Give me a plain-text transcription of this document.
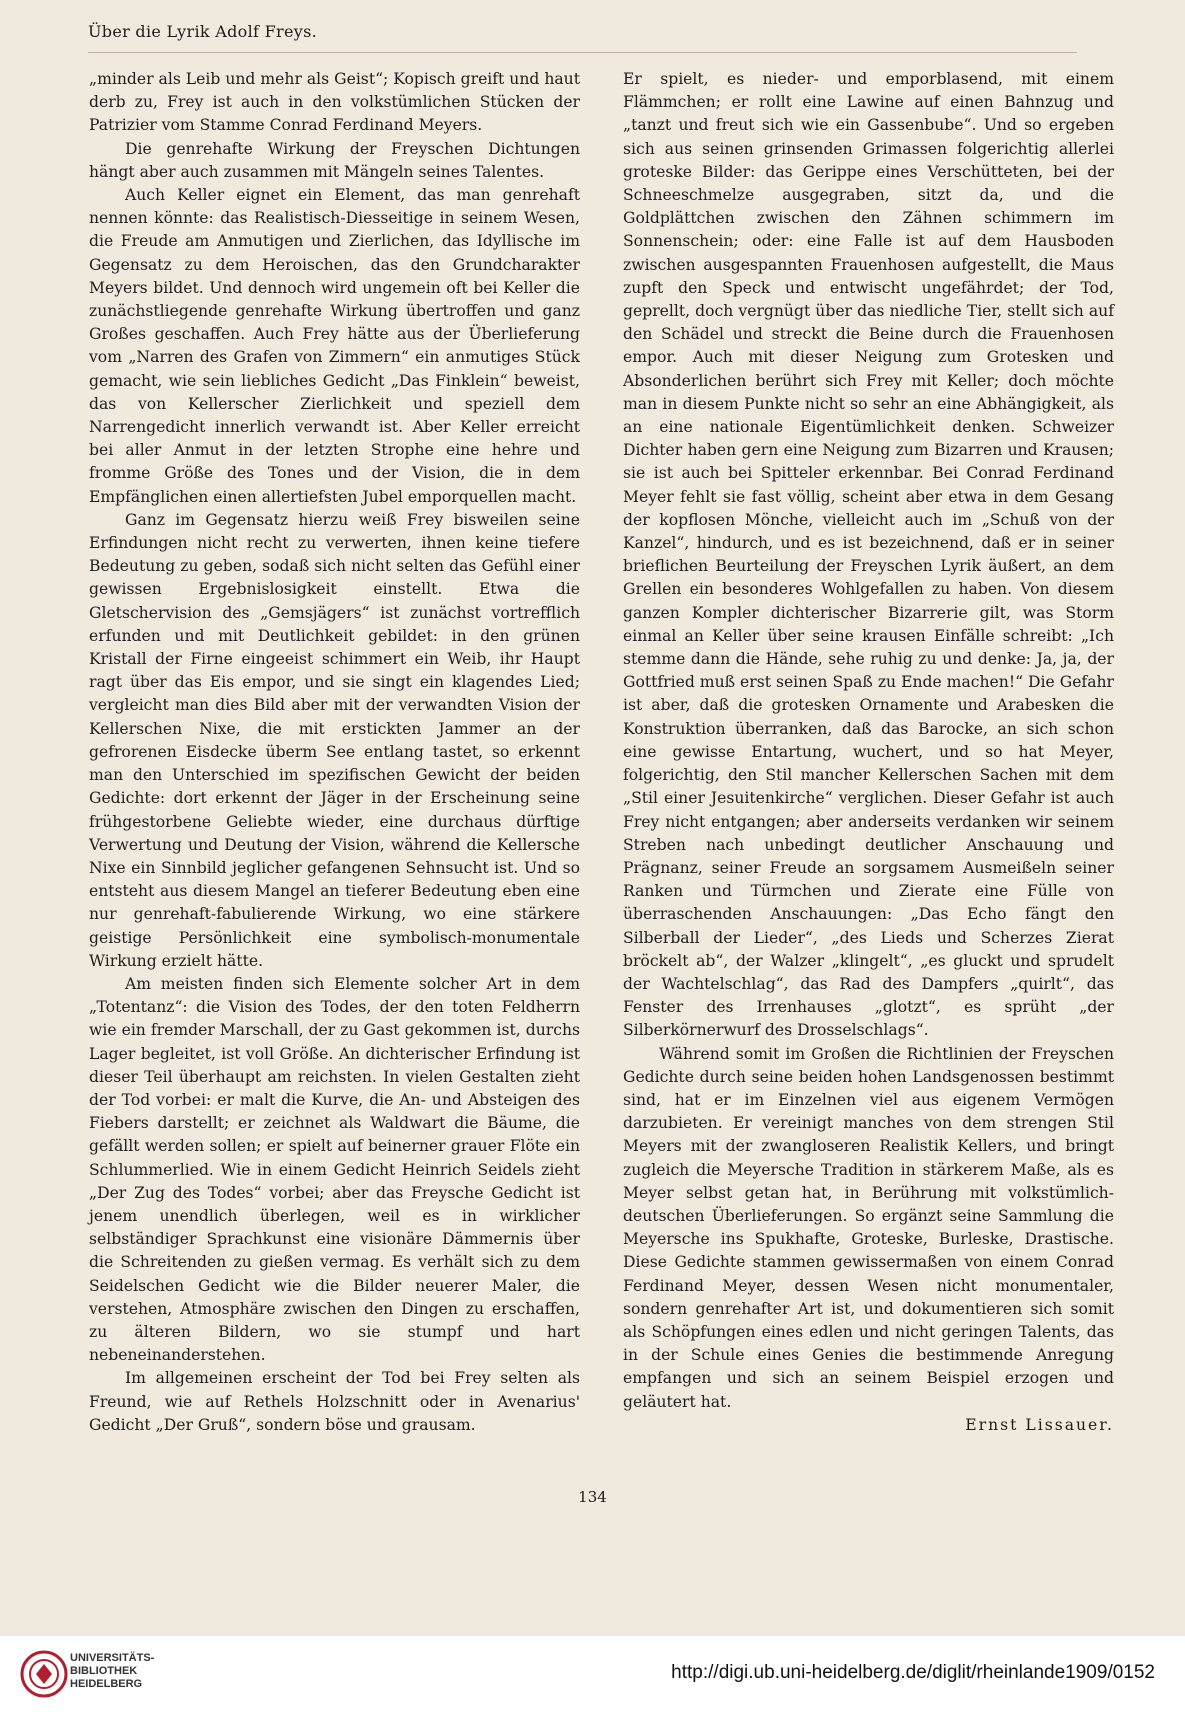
Über die Lyrik Adolf Freys.

„minder als Leib und mehr als Geist“; Kopisch greift und haut derb zu, Frey ist auch in den volkstümlichen Stücken der Patrizier vom Stamme Conrad Ferdinand Meyers.

Die genrehafte Wirkung der Freyschen Dichtungen hängt aber auch zusammen mit Mängeln seines Talentes.

Auch Keller eignet ein Element, das man genrehaft nennen könnte: das Realistisch-Diesseitige in seinem Wesen, die Freude am Anmutigen und Zierlichen, das Idyllische im Gegensatz zu dem Heroischen, das den Grundcharakter Meyers bildet. Und dennoch wird ungemein oft bei Keller die zunächstliegende genrehafte Wirkung übertroffen und ganz Großes geschaffen. Auch Frey hätte aus der Überlieferung vom „Narren des Grafen von Zimmern“ ein anmutiges Stück gemacht, wie sein liebliches Gedicht „Das Finklein“ beweist, das von Kellerscher Zierlichkeit und speziell dem Narrengedicht innerlich verwandt ist. Aber Keller erreicht bei aller Anmut in der letzten Strophe eine hehre und fromme Größe des Tones und der Vision, die in dem Empfänglichen einen allertiefsten Jubel emporquellen macht.

Ganz im Gegensatz hierzu weiß Frey bisweilen seine Erfindungen nicht recht zu verwerten, ihnen keine tiefere Bedeutung zu geben, sodaß sich nicht selten das Gefühl einer gewissen Ergebnislosigkeit einstellt. Etwa die Gletschervision des „Gemsjägers“ ist zunächst vortrefflich erfunden und mit Deutlichkeit gebildet: in den grünen Kristall der Firne eingeeist schimmert ein Weib, ihr Haupt ragt über das Eis empor, und sie singt ein klagendes Lied; vergleicht man dies Bild aber mit der verwandten Vision der Kellerschen Nixe, die mit erstickten Jammer an der gefrorenen Eisdecke überm See entlang tastet, so erkennt man den Unterschied im spezifischen Gewicht der beiden Gedichte: dort erkennt der Jäger in der Erscheinung seine frühgestorbene Geliebte wieder, eine durchaus dürftige Verwertung und Deutung der Vision, während die Kellersche Nixe ein Sinnbild jeglicher gefangenen Sehnsucht ist. Und so entsteht aus diesem Mangel an tieferer Bedeutung eben eine nur genrehaft-fabulierende Wirkung, wo eine stärkere geistige Persönlichkeit eine symbolisch-monumentale Wirkung erzielt hätte.

Am meisten finden sich Elemente solcher Art in dem „Totentanz“: die Vision des Todes, der den toten Feldherrn wie ein fremder Marschall, der zu Gast gekommen ist, durchs Lager begleitet, ist voll Größe. An dichterischer Erfindung ist dieser Teil überhaupt am reichsten. In vielen Gestalten zieht der Tod vorbei: er malt die Kurve, die An- und Absteigen des Fiebers darstellt; er zeichnet als Waldwart die Bäume, die gefällt werden sollen; er spielt auf beinerner grauer Flöte ein Schlummerlied. Wie in einem Gedicht Heinrich Seidels zieht „Der Zug des Todes“ vorbei; aber das Freysche Gedicht ist jenem unendlich überlegen, weil es in wirklicher selbständiger Sprachkunst eine visionäre Dämmernis über die Schreitenden zu gießen vermag. Es verhält sich zu dem Seidelschen Gedicht wie die Bilder neuerer Maler, die verstehen, Atmosphäre zwischen den Dingen zu erschaffen, zu älteren Bildern, wo sie stumpf und hart nebeneinanderstehen.

Im allgemeinen erscheint der Tod bei Frey selten als Freund, wie auf Rethels Holzschnitt oder in Avenarius' Gedicht „Der Gruß“, sondern böse und grausam.

Er spielt, es nieder- und emporblasend, mit einem Flämmchen; er rollt eine Lawine auf einen Bahnzug und „tanzt und freut sich wie ein Gassenbube“. Und so ergeben sich aus seinen grinsenden Grimassen folgerichtig allerlei groteske Bilder: das Gerippe eines Verschütteten, bei der Schneeschmelze ausgegraben, sitzt da, und die Goldplättchen zwischen den Zähnen schimmern im Sonnenschein; oder: eine Falle ist auf dem Hausboden zwischen ausgespannten Frauenhosen aufgestellt, die Maus zupft den Speck und entwischt ungefährdet; der Tod, geprellt, doch vergnügt über das niedliche Tier, stellt sich auf den Schädel und streckt die Beine durch die Frauenhosen empor. Auch mit dieser Neigung zum Grotesken und Absonderlichen berührt sich Frey mit Keller; doch möchte man in diesem Punkte nicht so sehr an eine Abhängigkeit, als an eine nationale Eigentümlichkeit denken. Schweizer Dichter haben gern eine Neigung zum Bizarren und Krausen; sie ist auch bei Spitteler erkennbar. Bei Conrad Ferdinand Meyer fehlt sie fast völlig, scheint aber etwa in dem Gesang der kopflosen Mönche, vielleicht auch im „Schuß von der Kanzel“, hindurch, und es ist bezeichnend, daß er in seiner brieflichen Beurteilung der Freyschen Lyrik äußert, an dem Grellen ein besonderes Wohlgefallen zu haben. Von diesem ganzen Kompler dichterischer Bizarrerie gilt, was Storm einmal an Keller über seine krausen Einfälle schreibt: „Ich stemme dann die Hände, sehe ruhig zu und denke: Ja, ja, der Gottfried muß erst seinen Spaß zu Ende machen!“ Die Gefahr ist aber, daß die grotesken Ornamente und Arabesken die Konstruktion überranken, daß das Barocke, an sich schon eine gewisse Entartung, wuchert, und so hat Meyer, folgerichtig, den Stil mancher Kellerschen Sachen mit dem „Stil einer Jesuitenkirche“ verglichen. Dieser Gefahr ist auch Frey nicht entgangen; aber anderseits verdanken wir seinem Streben nach unbedingt deutlicher Anschauung und Prägnanz, seiner Freude an sorgsamem Ausmeißeln seiner Ranken und Türmchen und Zierate eine Fülle von überraschenden Anschauungen: „Das Echo fängt den Silberball der Lieder“, „des Lieds und Scherzes Zierat bröckelt ab“, der Walzer „klingelt“, „es gluckt und sprudelt der Wachtelschlag“, das Rad des Dampfers „quirlt“, das Fenster des Irrenhauses „glotzt“, es sprüht „der Silberkörnerwurf des Drosselschlags“.

Während somit im Großen die Richtlinien der Freyschen Gedichte durch seine beiden hohen Landsgenossen bestimmt sind, hat er im Einzelnen viel aus eigenem Vermögen darzubieten. Er vereinigt manches von dem strengen Stil Meyers mit der zwangloseren Realistik Kellers, und bringt zugleich die Meyersche Tradition in stärkerem Maße, als es Meyer selbst getan hat, in Berührung mit volkstümlich-deutschen Überlieferungen. So ergänzt seine Sammlung die Meyersche ins Spukhafte, Groteske, Burleske, Drastische. Diese Gedichte stammen gewissermaßen von einem Conrad Ferdinand Meyer, dessen Wesen nicht monumentaler, sondern genrehafter Art ist, und dokumentieren sich somit als Schöpfungen eines edlen und nicht geringen Talents, das in der Schule eines Genies die bestimmende Anregung empfangen und sich an seinem Beispiel erzogen und geläutert hat.

Ernst Lissauer.
134
UNIVERSITÄTS-
BIBLIOTHEK
HEIDELBERG
http://digi.ub.uni-heidelberg.de/diglit/rheinlande1909/0152
